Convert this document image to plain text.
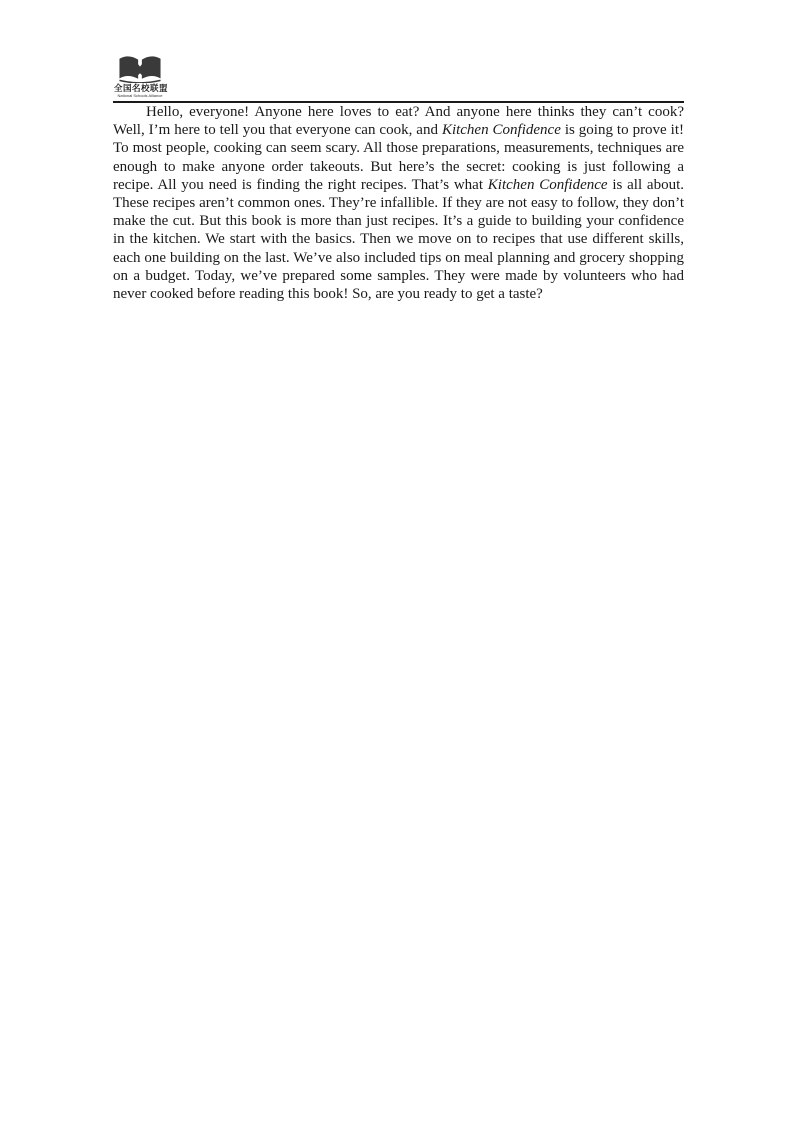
全国名校联盟
National Schools Alliance

Hello, everyone! Anyone here loves to eat? And anyone here thinks they can’t cook? Well, I’m here to tell you that everyone can cook, and Kitchen Confidence is going to prove it! To most people, cooking can seem scary. All those preparations, measurements, techniques are enough to make anyone order takeouts. But here’s the secret: cooking is just following a recipe. All you need is finding the right recipes. That’s what Kitchen Confidence is all about. These recipes aren’t common ones. They’re infallible. If they are not easy to follow, they don’t make the cut. But this book is more than just recipes. It’s a guide to building your confidence in the kitchen. We start with the basics. Then we move on to recipes that use different skills, each one building on the last. We’ve also included tips on meal planning and grocery shopping on a budget. Today, we’ve prepared some samples. They were made by volunteers who had never cooked before reading this book! So, are you ready to get a taste?
